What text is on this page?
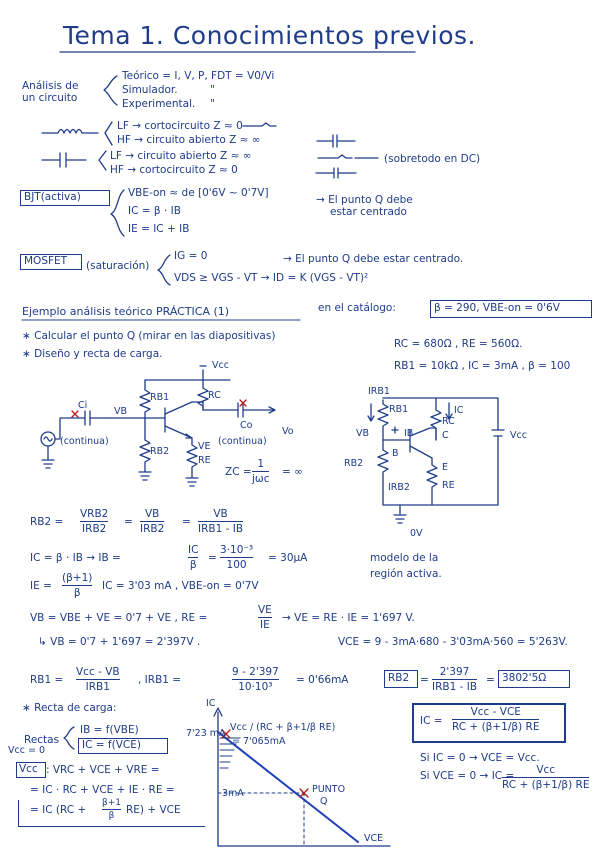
Tema 1. Conocimientos previos.
Análisis de
un circuito
Teórico = I, V, P, FDT = V0/Vi
Simulador.	"
Experimental. "
LF → cortocircuito Z ≈ 0
HF → circuito abierto Z ≈ ∞
LF → circuito abierto Z ≈ ∞
HF → cortocircuito Z ≈ 0
(sobretodo en DC)
BJT(activa)	VBE-on ≈ de [0'6V ~ 0'7V]
IC = β · IB
IE = IC + IB
→ El punto Q debe
estar centrado
MOSFET (saturación)
IG = 0
VDS ≥ VGS - VT → ID = K (VGS - VT)²
→ El punto Q debe estar centrado.
Ejemplo análisis teórico PRÁCTICA (1)	en el catálogo:	β = 290, VBE-on = 0'6V
∗ Calcular el punto Q (mirar en las diapositivas)
∗ Diseño y recta de carga.
RC = 680Ω , RE = 560Ω.
RB1 = 10kΩ , IC = 3mA , β = 100
Vcc
Ci
RB1	RC
VB
RB2	VE
RE
Co
Vo
(continua)	(continua)
ZC =
1
jωc
= ∞
IRB1
IC
VB
RB1
IB
RC
C
B
RB2	E
RE
IRB2
Vcc
0V
RB2 =
VRB2
IRB2
=
VB
IRB2
=
VB
IRB1 - IB
IC = β · IB → IB =
IC
β
=
3·10⁻³
100
= 30μA	modelo de la
región activa.
IE =
(β+1)
β
IC = 3'03 mA , VBE-on = 0'7V
VB = VBE + VE = 0'7 + VE , RE =
VE
IE
→ VE = RE · IE = 1'697 V.
↳ VB = 0'7 + 1'697 = 2'397V .	VCE = 9 - 3mA·680 - 3'03mA·560 = 5'263V.
RB1 =
Vcc - VB
IRB1
, IRB1 =
9 - 2'397
10·10³
= 0'66mA	RB2 =
2'397
IRB1 - IB
= 3802'5Ω
∗ Recta de carga:
Rectas
IB = f(VBE)
IC = f(VCE)
Vcc = 0
Vcc : VRC + VCE + VRE =
= IC · RC + VCE + IE · RE =
= IC (RC +
β+1
β RE) + VCE
IC =
Vcc - VCE
RC + (β+1/β) RE
Si IC = 0 → VCE = Vcc.
Si VCE = 0 → IC = Vcc
RC + (β+1/β) RE
IC
VCE
7'23 mA
Vcc / (RC + β+1/β RE)
= 7'065mA
3mA	PUNTO
Q
